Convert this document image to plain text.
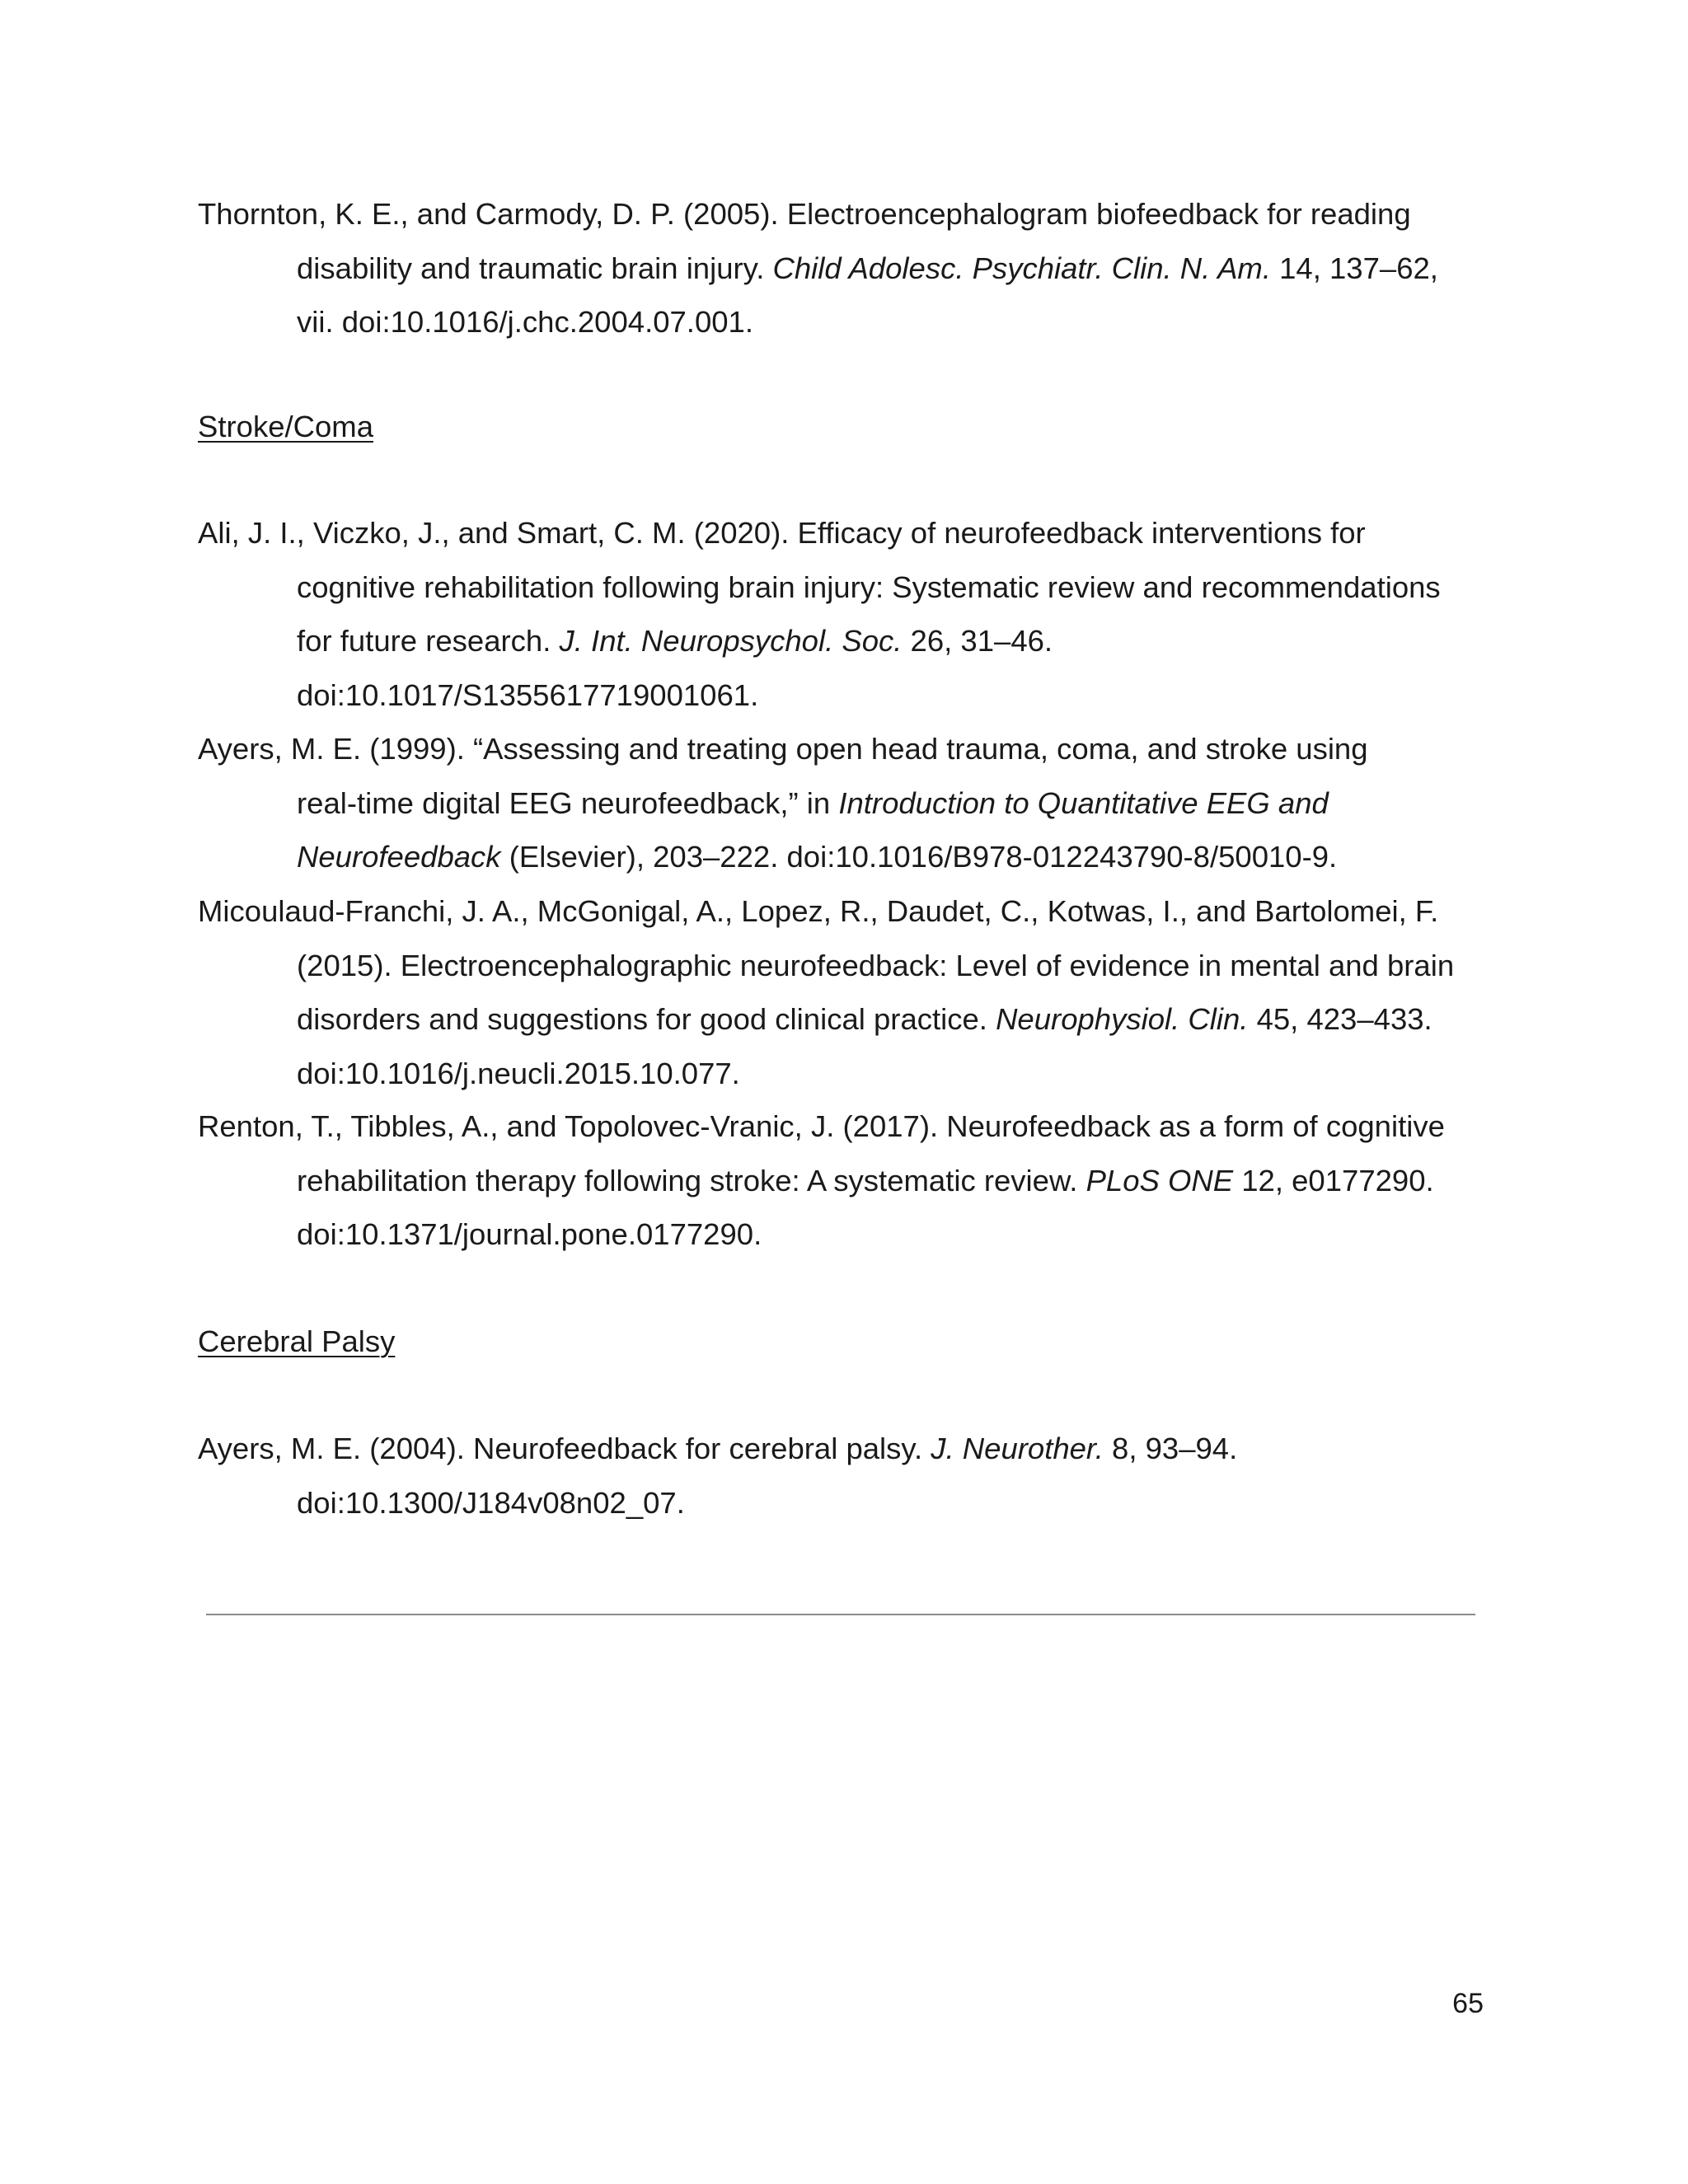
Thornton, K. E., and Carmody, D. P. (2005). Electroencephalogram biofeedback for reading
disability and traumatic brain injury. Child Adolesc. Psychiatr. Clin. N. Am. 14, 137–62,
vii. doi:10.1016/j.chc.2004.07.001.

Stroke/Coma

Ali, J. I., Viczko, J., and Smart, C. M. (2020). Efficacy of neurofeedback interventions for
cognitive rehabilitation following brain injury: Systematic review and recommendations
for future research. J. Int. Neuropsychol. Soc. 26, 31–46.
doi:10.1017/S1355617719001061.

Ayers, M. E. (1999). “Assessing and treating open head trauma, coma, and stroke using
real-time digital EEG neurofeedback,” in Introduction to Quantitative EEG and
Neurofeedback (Elsevier), 203–222. doi:10.1016/B978-012243790-8/50010-9.

Micoulaud-Franchi, J. A., McGonigal, A., Lopez, R., Daudet, C., Kotwas, I., and Bartolomei, F.
(2015). Electroencephalographic neurofeedback: Level of evidence in mental and brain
disorders and suggestions for good clinical practice. Neurophysiol. Clin. 45, 423–433.
doi:10.1016/j.neucli.2015.10.077.

Renton, T., Tibbles, A., and Topolovec-Vranic, J. (2017). Neurofeedback as a form of cognitive
rehabilitation therapy following stroke: A systematic review. PLoS ONE 12, e0177290.
doi:10.1371/journal.pone.0177290.

Cerebral Palsy

Ayers, M. E. (2004). Neurofeedback for cerebral palsy. J. Neurother. 8, 93–94.
doi:10.1300/J184v08n02_07.

65
